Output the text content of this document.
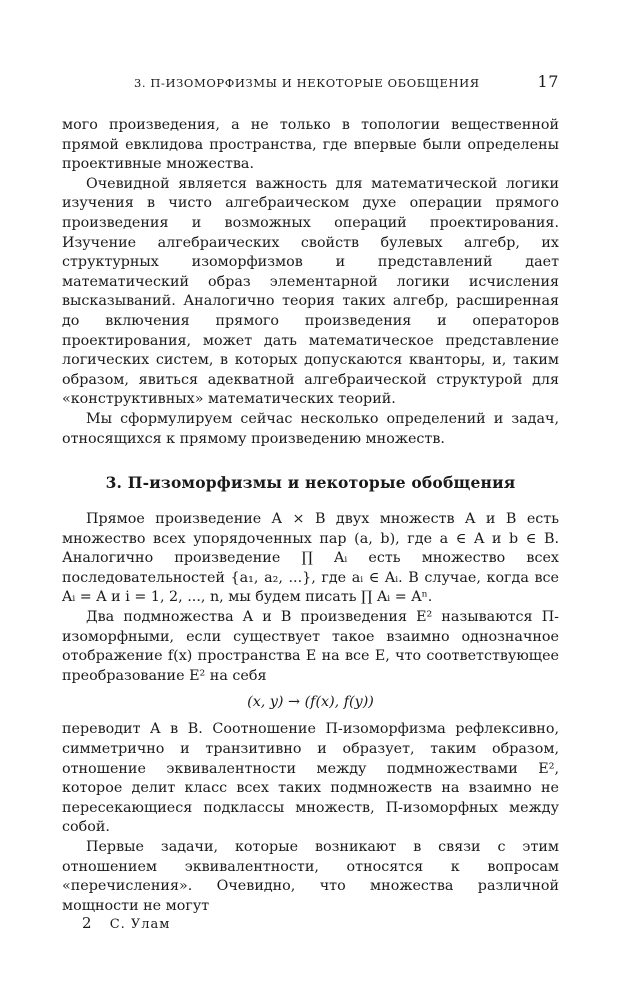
3. П-ИЗОМОРФИЗМЫ И НЕКОТОРЫЕ ОБОБЩЕНИЯ	17

мого произведения, а не только в топологии вещественной прямой евклидова пространства, где впервые были определены проективные множества.

Очевидной является важность для математической логики изучения в чисто алгебраическом духе операции прямого произведения и возможных операций проектирования. Изучение алгебраических свойств булевых алгебр, их структурных изоморфизмов и представлений дает математический образ элементарной логики исчисления высказываний. Аналогично теория таких алгебр, расширенная до включения прямого произведения и операторов проектирования, может дать математическое представление логических систем, в которых допускаются кванторы, и, таким образом, явиться адекватной алгебраической структурой для «конструктивных» математических теорий.

Мы сформулируем сейчас несколько определений и задач, относящихся к прямому произведению множеств.

3. П-изоморфизмы и некоторые обобщения

Прямое произведение A × B двух множеств A и B есть множество всех упорядоченных пар (a, b), где a ∈ A и b ∈ B. Аналогично произведение ∏ Aᵢ есть множество всех последовательностей {a₁, a₂, ...}, где aᵢ ∈ Aᵢ. В случае, когда все Aᵢ = A и i = 1, 2, ..., n, мы будем писать ∏ Aᵢ = Aⁿ.

Два подмножества A и B произведения E² называются П-изоморфными, если существует такое взаимно однозначное отображение f(x) пространства E на все E, что соответствующее преобразование E² на себя

(x, y) → (f(x), f(y))

переводит A в B. Соотношение П-изоморфизма рефлексивно, симметрично и транзитивно и образует, таким образом, отношение эквивалентности между подмножествами E², которое делит класс всех таких подмножеств на взаимно не пересекающиеся подклассы множеств, П-изоморфных между собой.

Первые задачи, которые возникают в связи с этим отношением эквивалентности, относятся к вопросам «перечисления». Очевидно, что множества различной мощности не могут

2 С. Улам
